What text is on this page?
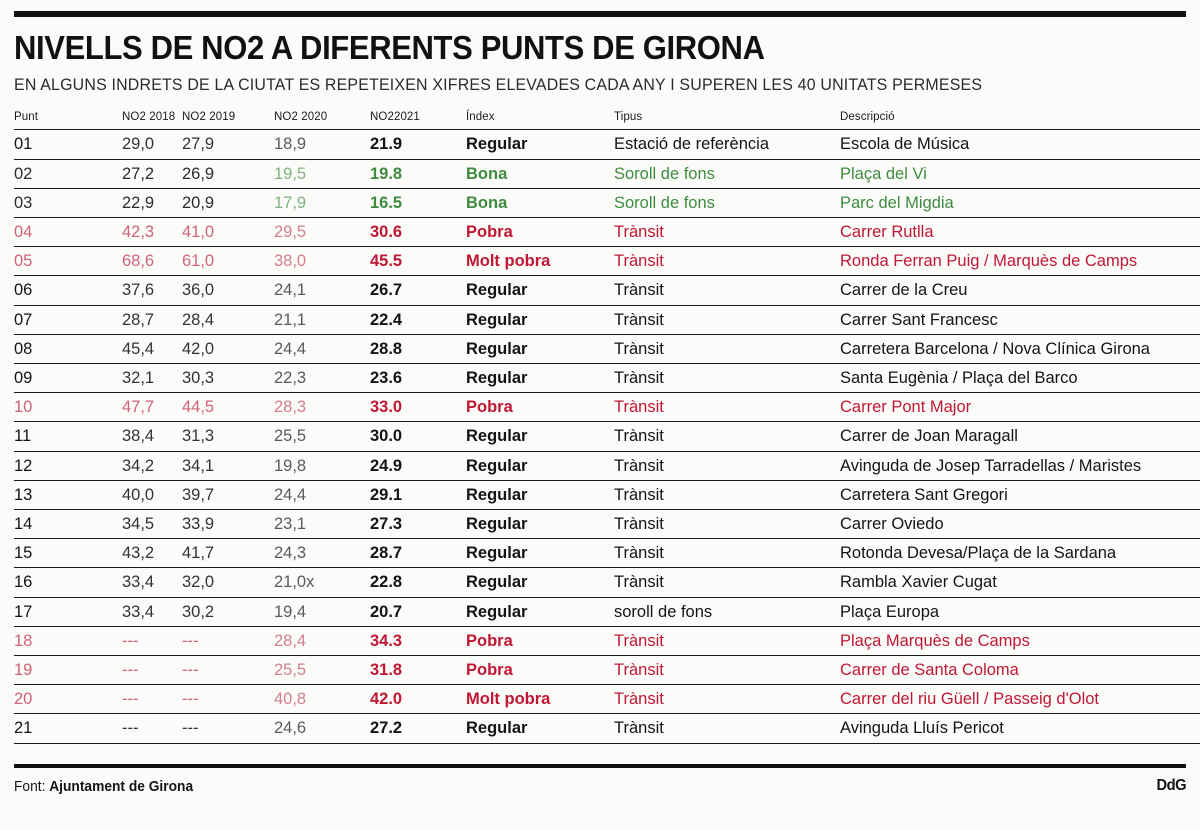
NIVELLS DE NO2 A DIFERENTS PUNTS DE GIRONA
EN ALGUNS INDRETS DE LA CIUTAT ES REPETEIXEN XIFRES ELEVADES CADA ANY I SUPEREN LES 40 UNITATS PERMESES
Punt	NO2 2018	NO2 2019	NO2 2020	NO22021	Índex	Tipus	Descripció
01	29,0	27,9	18,9	21.9	Regular	Estació de referència	Escola de Música
02	27,2	26,9	19,5	19.8	Bona	Soroll de fons	Plaça del Vi
03	22,9	20,9	17,9	16.5	Bona	Soroll de fons	Parc del Migdia
04	42,3	41,0	29,5	30.6	Pobra	Trànsit	Carrer Rutlla
05	68,6	61,0	38,0	45.5	Molt pobra	Trànsit	Ronda Ferran Puig / Marquès de Camps
06	37,6	36,0	24,1	26.7	Regular	Trànsit	Carrer de la Creu
07	28,7	28,4	21,1	22.4	Regular	Trànsit	Carrer Sant Francesc
08	45,4	42,0	24,4	28.8	Regular	Trànsit	Carretera Barcelona / Nova Clínica Girona
09	32,1	30,3	22,3	23.6	Regular	Trànsit	Santa Eugènia / Plaça del Barco
10	47,7	44,5	28,3	33.0	Pobra	Trànsit	Carrer Pont Major
11	38,4	31,3	25,5	30.0	Regular	Trànsit	Carrer de Joan Maragall
12	34,2	34,1	19,8	24.9	Regular	Trànsit	Avinguda de Josep Tarradellas / Maristes
13	40,0	39,7	24,4	29.1	Regular	Trànsit	Carretera Sant Gregori
14	34,5	33,9	23,1	27.3	Regular	Trànsit	Carrer Oviedo
15	43,2	41,7	24,3	28.7	Regular	Trànsit	Rotonda Devesa/Plaça de la Sardana
16	33,4	32,0	21,0x	22.8	Regular	Trànsit	Rambla Xavier Cugat
17	33,4	30,2	19,4	20.7	Regular	soroll de fons	Plaça Europa
18	---	---	28,4	34.3	Pobra	Trànsit	Plaça Marquès de Camps
19	---	---	25,5	31.8	Pobra	Trànsit	Carrer de Santa Coloma
20	---	---	40,8	42.0	Molt pobra	Trànsit	Carrer del riu Güell / Passeig d'Olot
21	---	---	24,6	27.2	Regular	Trànsit	Avinguda Lluís Pericot
Font: Ajuntament de Girona	DdG
